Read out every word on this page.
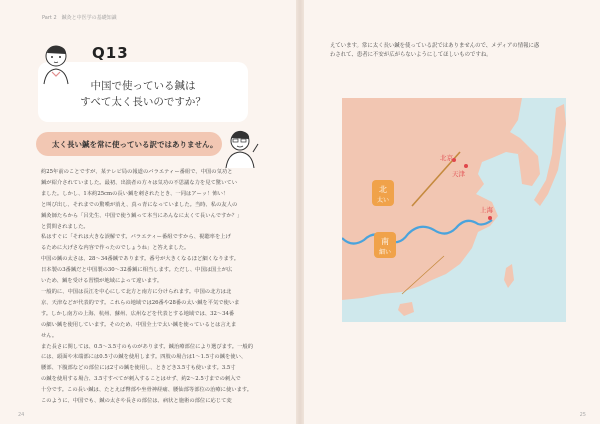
Part 2　鍼灸と中医学の基礎知識
中国で使っている鍼は
すべて太く長いのですか？
Q13
太く長い鍼を常に使っている訳ではありません。

約25年前のことですが、某テレビ局の報道のバラエティー番組で、中国の気功と

鍼が紹介されていました。最初、出演者の方々は気功の不思議な力を見て驚いてい

ました。しかし、1本約25cmの長い鍼を刺されたとき、一同はアーッ！怖い！

と叫び出し、それまでの驚嘆が消え、真っ青になっていました。当時、私の友人の

鍼灸師たちから「呂先生、中国で使う鍼って本当にあんなに太くて長いんですか？」

と質問されました。

私はすぐに「それは大きな誤解です。バラエティー番組ですから、視聴率を上げ

るために大げさな内容で作ったのでしょうね」と答えました。

中国の鍼の太さは、28〜34番鍼であります。番号が大きくなるほど細くなります。

日本製の3番鍼だと中国製の30〜32番鍼に相当します。ただし、中国は国土が広

いため、鍼を受ける習慣が地域によって違います。

一般的に、中国は長江を中心にして北方と南方に分けられます。中国の北方は北

京、天津などが代表的です。これらの地域では26番や28番の太い鍼を平気で使いま

す。しかし南方の上海、杭州、蘇州、広州などを代表とする地域では、32〜34番

の細い鍼を使用しています。そのため、中国全土で太い鍼を使っているとは言えま

せん。

また長さに関しては、0.5〜3.5寸のものがあります。鍼治療部位により選びます。一般的

には、頭面や末端部には0.5寸の鍼を使用します。四肢の場合は1〜1.5寸の鍼を使い、

腰部、下腹部などの部位には2寸の鍼を使用し、ときどき3.5寸も使います。3.5寸

の鍼を使用する場合、3.5寸すべてが刺入することはせず、約2〜2.5寸までの刺入で

十分です。この長い鍼は、たとえば臀部や坐骨神経痛、腰仙部等部位の治療に使います。

このように、中国でも、鍼の太さや長さの部位は、病状と施術の部位に応じて変

24

えています。常に太く長い鍼を使っている訳ではありませんので、メディアの情報に惑

わされて、患者に不安が広がらないようにしてほしいものですね。

北京
天津
上海
北
太い
南
細い
25
